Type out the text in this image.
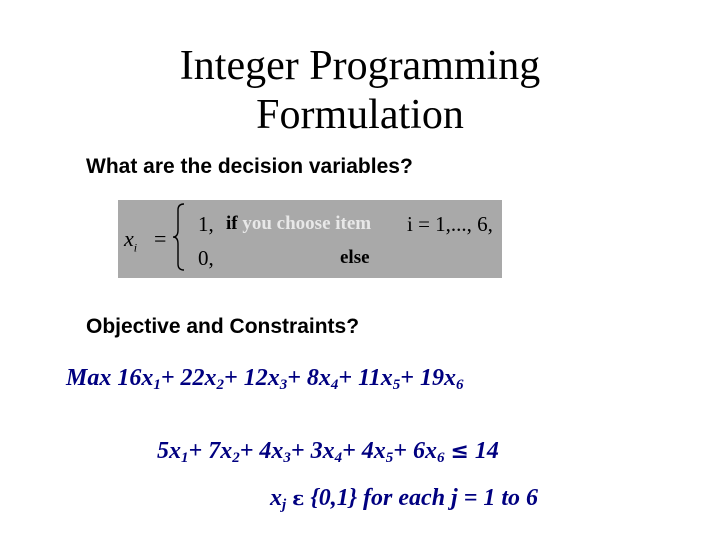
Integer Programming
Formulation
What are the decision variables?
$x_i$ =
1, if you choose item i = 1,..., 6,
0,	else
Objective and Constraints?
Max $16x_1+ 22x_2+ 12x_3+ 8x_4+ 11x_5+ 19x_6$
$5x_1+ 7x_2+ 4x_3+ 3x_4+ 4x_5+ 6x_6 \le 14$
$x_j$ ε {0,1} for each j = 1 to 6
